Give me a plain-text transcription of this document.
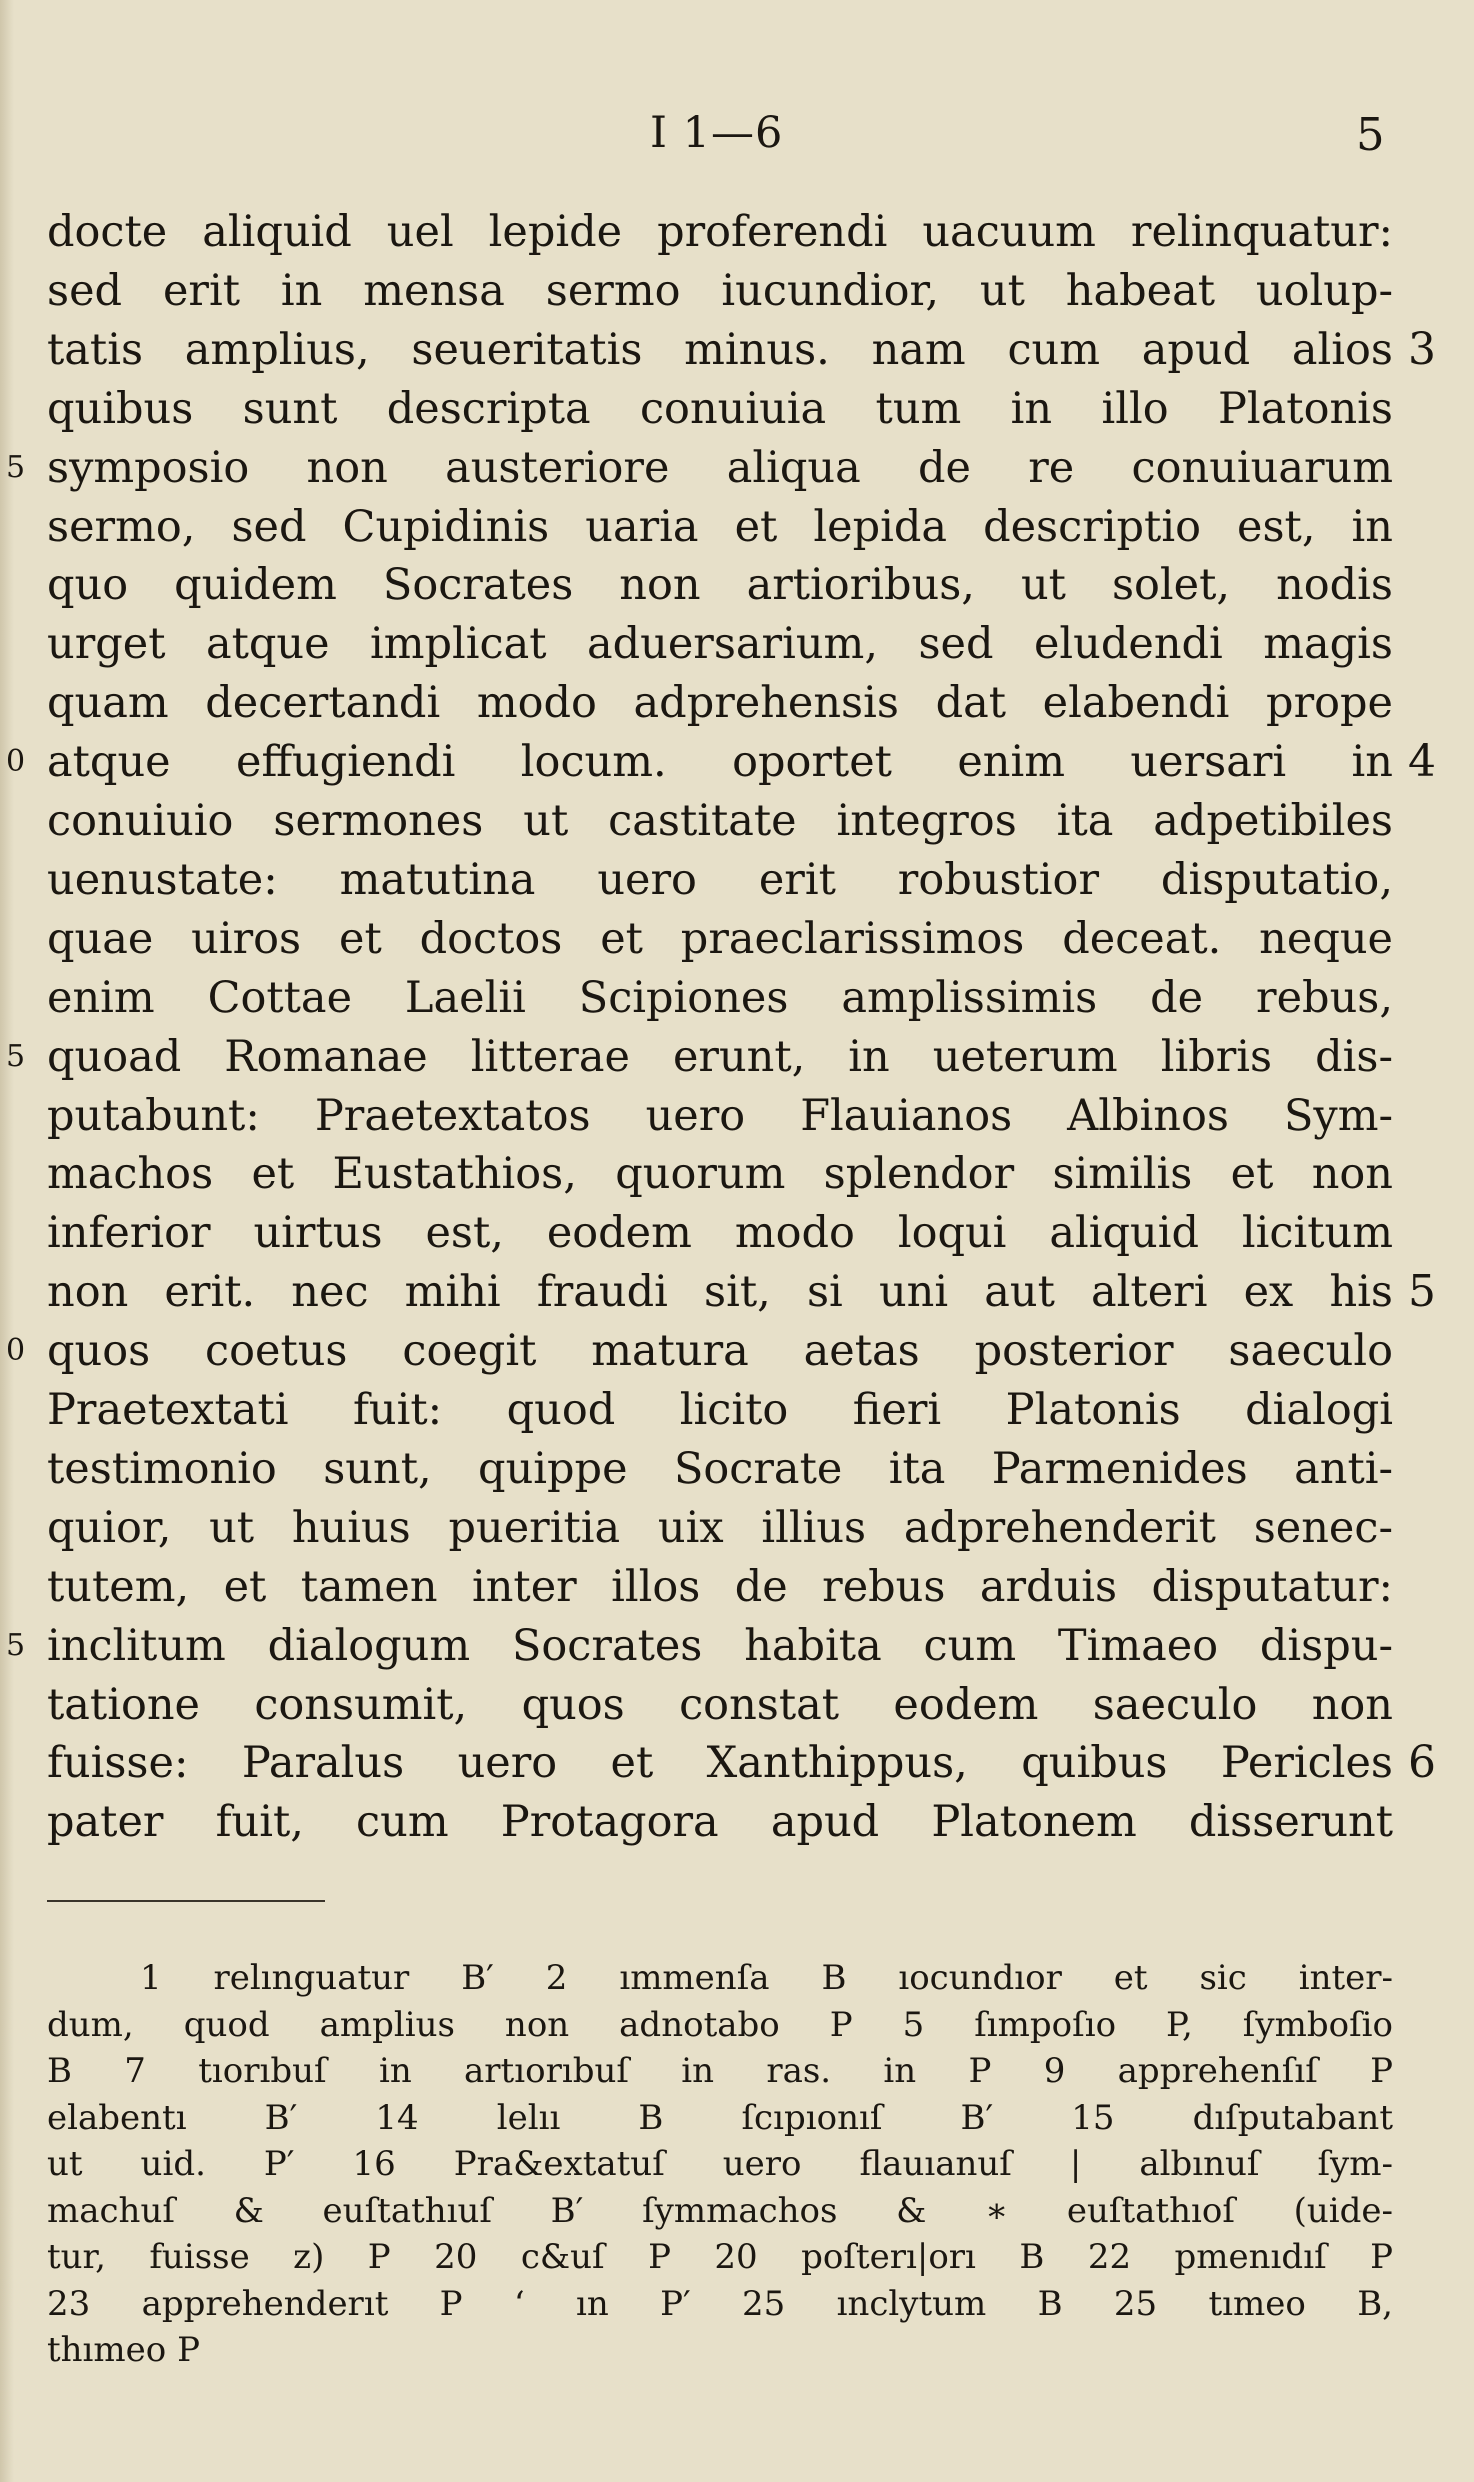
I 1—6	5
docte aliquid uel lepide proferendi uacuum relinquatur:
sed erit in mensa sermo iucundior, ut habeat uolup-
tatis amplius, seueritatis minus. nam cum apud alios 3
quibus sunt descripta conuiuia tum in illo Platonis
symposio non austeriore aliqua de re conuiuarum
5
sermo, sed Cupidinis uaria et lepida descriptio est, in
quo quidem Socrates non artioribus, ut solet, nodis
urget atque implicat aduersarium, sed eludendi magis
quam decertandi modo adprehensis dat elabendi prope
atque effugiendi locum. oportet enim uersari in
0	4
conuiuio sermones ut castitate integros ita adpetibiles
uenustate: matutina uero erit robustior disputatio,
quae uiros et doctos et praeclarissimos deceat. neque
enim Cottae Laelii Scipiones amplissimis de rebus,
quoad Romanae litterae erunt, in ueterum libris dis-
5
putabunt: Praetextatos uero Flauianos Albinos Sym-
machos et Eustathios, quorum splendor similis et non
inferior uirtus est, eodem modo loqui aliquid licitum
non erit. nec mihi fraudi sit, si uni aut alteri ex his 5
quos coetus coegit matura aetas posterior saeculo
0
Praetextati fuit: quod licito fieri Platonis dialogi
testimonio sunt, quippe Socrate ita Parmenides anti-
quior, ut huius pueritia uix illius adprehenderit senec-
tutem, et tamen inter illos de rebus arduis disputatur:
inclitum dialogum Socrates habita cum Timaeo dispu-
5
tatione consumit, quos constat eodem saeculo non
fuisse: Paralus uero et Xanthippus, quibus Pericles 6
pater fuit, cum Protagora apud Platonem disserunt
1 relınguatur B′ 2 ımmenſa B ıocundıor et sic inter-
dum, quod amplius non adnotabo P 5 ſımpoſıo P, ſymboſio
B 7 tıorıbuſ in artıorıbuſ in ras. in P 9 apprehenſıſ P
elabentı B′ 14 lelıı B ſcıpıonıſ B′ 15 dıſputabant
ut uid. P′ 16 Pra&extatuſ uero flauıanuſ | albınuſ ſym-
machuſ & euſtathıuſ B′ ſymmachos & ∗ euſtathıoſ (uide-
tur, fuisse z) P 20 c&uſ P 20 poſterı|orı B 22 pmenıdıſ P
23 apprehenderıt P ‘ ın P′ 25 ınclytum B 25 tımeo B,
thımeo P
